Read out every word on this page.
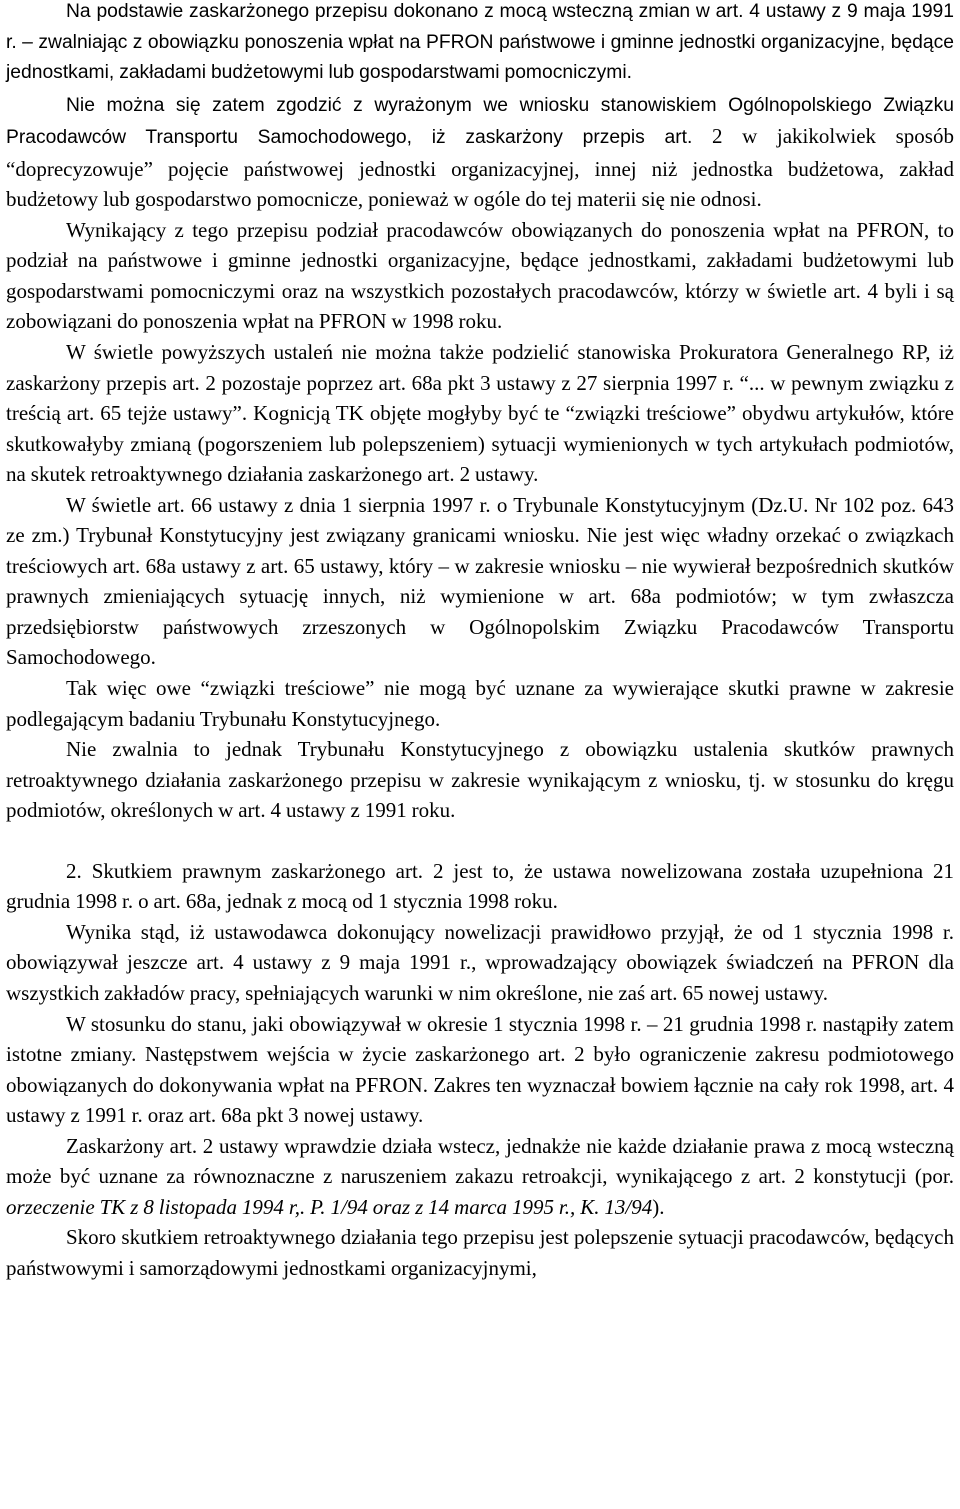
Na podstawie zaskarżonego przepisu dokonano z mocą wsteczną zmian w art. 4 ustawy z 9 maja 1991 r. – zwalniając z obowiązku ponoszenia wpłat na PFRON państwowe i gminne jednostki organizacyjne, będące jednostkami, zakładami budżetowymi lub gospodarstwami pomocniczymi.

Nie można się zatem zgodzić z wyrażonym we wniosku stanowiskiem Ogólnopolskiego Związku Pracodawców Transportu Samochodowego, iż zaskarżony przepis art. 2 w jakikolwiek sposób “doprecyzowuje” pojęcie państwowej jednostki organizacyjnej, innej niż jednostka budżetowa, zakład budżetowy lub gospodarstwo pomocnicze, ponieważ w ogóle do tej materii się nie odnosi.

Wynikający z tego przepisu podział pracodawców obowiązanych do ponoszenia wpłat na PFRON, to podział na państwowe i gminne jednostki organizacyjne, będące jednostkami, zakładami budżetowymi lub gospodarstwami pomocniczymi oraz na wszystkich pozostałych pracodawców, którzy w świetle art. 4 byli i są zobowiązani do ponoszenia wpłat na PFRON w 1998 roku.

W świetle powyższych ustaleń nie można także podzielić stanowiska Prokuratora Generalnego RP, iż zaskarżony przepis art. 2 pozostaje poprzez art. 68a pkt 3 ustawy z 27 sierpnia 1997 r. “... w pewnym związku z treścią art. 65 tejże ustawy”. Kognicją TK objęte mogłyby być te “związki treściowe” obydwu artykułów, które skutkowałyby zmianą (pogorszeniem lub polepszeniem) sytuacji wymienionych w tych artykułach podmiotów, na skutek retroaktywnego działania zaskarżonego art. 2 ustawy.

W świetle art. 66 ustawy z dnia 1 sierpnia 1997 r. o Trybunale Konstytucyjnym (Dz.U. Nr 102 poz. 643 ze zm.) Trybunał Konstytucyjny jest związany granicami wniosku. Nie jest więc władny orzekać o związkach treściowych art. 68a ustawy z art. 65 ustawy, który – w zakresie wniosku – nie wywierał bezpośrednich skutków prawnych zmieniających sytuację innych, niż wymienione w art. 68a podmiotów; w tym zwłaszcza przedsiębiorstw państwowych zrzeszonych w Ogólnopolskim Związku Pracodawców Transportu Samochodowego.

Tak więc owe “związki treściowe” nie mogą być uznane za wywierające skutki prawne w zakresie podlegającym badaniu Trybunału Konstytucyjnego.

Nie zwalnia to jednak Trybunału Konstytucyjnego z obowiązku ustalenia skutków prawnych retroaktywnego działania zaskarżonego przepisu w zakresie wynikającym z wniosku, tj. w stosunku do kręgu podmiotów, określonych w art. 4 ustawy z 1991 roku.

2. Skutkiem prawnym zaskarżonego art. 2 jest to, że ustawa nowelizowana została uzupełniona 21 grudnia 1998 r. o art. 68a, jednak z mocą od 1 stycznia 1998 roku.

Wynika stąd, iż ustawodawca dokonujący nowelizacji prawidłowo przyjął, że od 1 stycznia 1998 r. obowiązywał jeszcze art. 4 ustawy z 9 maja 1991 r., wprowadzający obowiązek świadczeń na PFRON dla wszystkich zakładów pracy, spełniających warunki w nim określone, nie zaś art. 65 nowej ustawy.

W stosunku do stanu, jaki obowiązywał w okresie 1 stycznia 1998 r. – 21 grudnia 1998 r. nastąpiły zatem istotne zmiany. Następstwem wejścia w życie zaskarżonego art. 2 było ograniczenie zakresu podmiotowego obowiązanych do dokonywania wpłat na PFRON. Zakres ten wyznaczał bowiem łącznie na cały rok 1998, art. 4 ustawy z 1991 r. oraz art. 68a pkt 3 nowej ustawy.

Zaskarżony art. 2 ustawy wprawdzie działa wstecz, jednakże nie każde działanie prawa z mocą wsteczną może być uznane za równoznaczne z naruszeniem zakazu retroakcji, wynikającego z art. 2 konstytucji (por. orzeczenie TK z 8 listopada 1994 r,. P. 1/94 oraz z 14 marca 1995 r., K. 13/94).

Skoro skutkiem retroaktywnego działania tego przepisu jest polepszenie sytuacji pracodawców, będących państwowymi i samorządowymi jednostkami organizacyjnymi,
